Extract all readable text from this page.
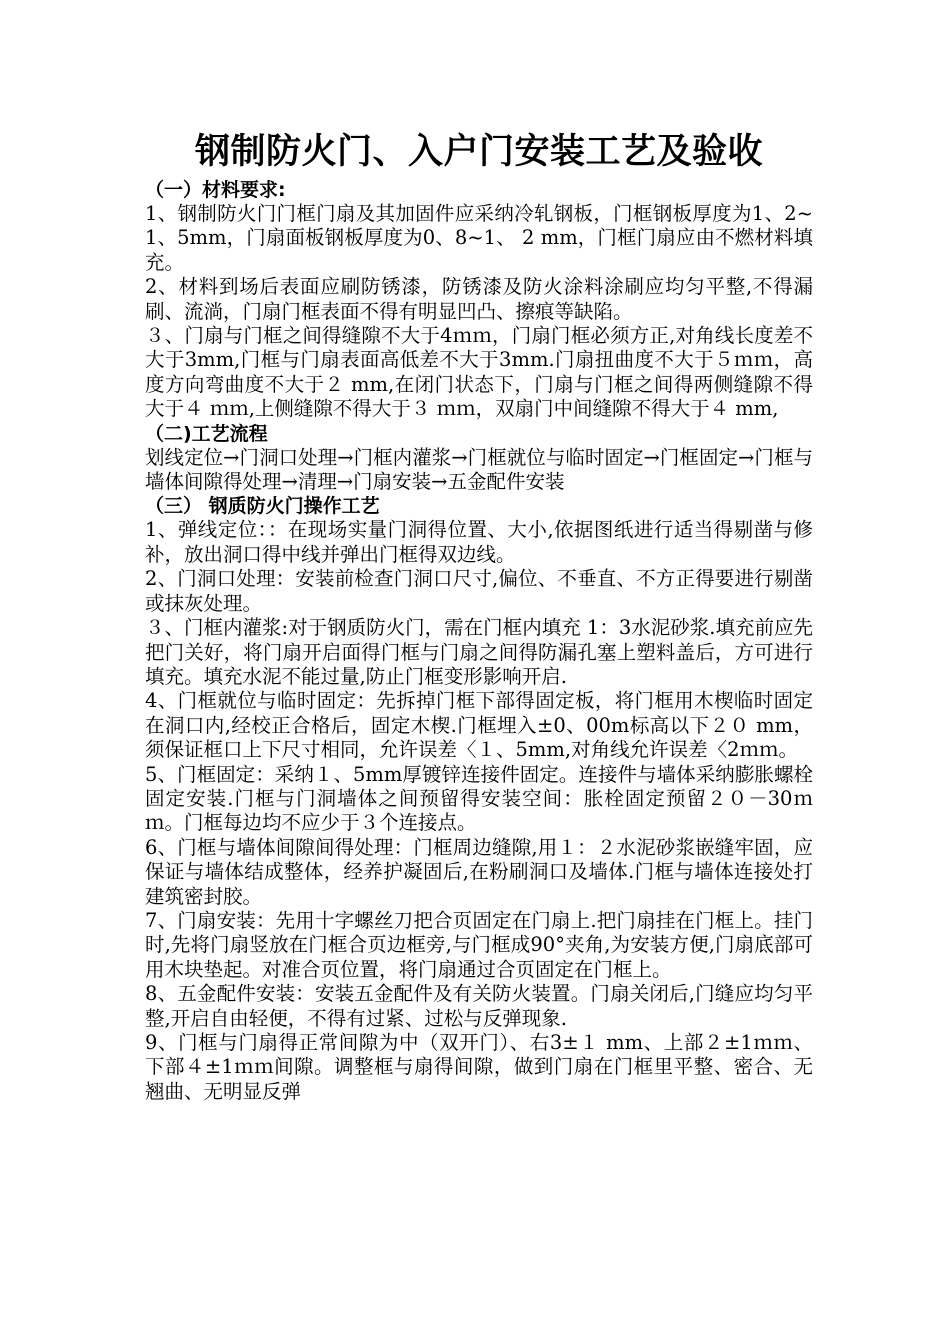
钢制防火门、入户门安装工艺及验收

（一）材料要求:

1、钢制防火门门框门扇及其加固件应采纳冷轧钢板，门框钢板厚度为1、2~1、5mm，门扇面板钢板厚度为0、8~1、 2 mm，门框门扇应由不燃材料填充。

2、材料到场后表面应刷防锈漆，防锈漆及防火涂料涂刷应均匀平整,不得漏刷、流淌，门扇门框表面不得有明显凹凸、擦痕等缺陷。

３、门扇与门框之间得缝隙不大于4ｍｍ，门扇门框必须方正,对角线长度差不大于3mm,门框与门扇表面高低差不大于3mm.门扇扭曲度不大于５ｍｍ，高度方向弯曲度不大于２ mm,在闭门状态下，门扇与门框之间得两侧缝隙不得大于４ ｍｍ,上侧缝隙不得大于３ ｍｍ，双扇门中间缝隙不得大于４ mm,

（二)工艺流程

划线定位→门洞口处理→门框内灌浆→门框就位与临时固定→门框固定→门框与墙体间隙得处理→清理→门扇安装→五金配件安装

（三） 钢质防火门操作工艺

1、弹线定位：：在现场实量门洞得位置、大小,依据图纸进行适当得剔凿与修补，放出洞口得中线并弹出门框得双边线。

2、门洞口处理：安装前检查门洞口尺寸,偏位、不垂直、不方正得要进行剔凿或抹灰处理。

３、门框内灌浆:对于钢质防火门，需在门框内填充 1：3水泥砂浆.填充前应先把门关好，将门扇开启面得门框与门扇之间得防漏孔塞上塑料盖后，方可进行填充。填充水泥不能过量,防止门框变形影响开启.

4、门框就位与临时固定：先拆掉门框下部得固定板，将门框用木楔临时固定在洞口内,经校正合格后，固定木楔.门框埋入±0、00m标高以下２０ mm，须保证框口上下尺寸相同，允许误差〈１、5mm,对角线允许误差〈2ｍｍ。

5、门框固定：采纳１、5mm厚镀锌连接件固定。连接件与墙体采纳膨胀螺栓固定安装.门框与门洞墙体之间预留得安装空间：胀栓固定预留２０－30ｍｍ。门框每边均不应少于３个连接点。

6、门框与墙体间隙间得处理：门框周边缝隙,用１：２水泥砂浆嵌缝牢固，应保证与墙体结成整体，经养护凝固后,在粉刷洞口及墙体.门框与墙体连接处打建筑密封胶。

7、门扇安装：先用十字螺丝刀把合页固定在门扇上.把门扇挂在门框上。挂门时,先将门扇竖放在门框合页边框旁,与门框成90°夹角,为安装方便,门扇底部可用木块垫起。对准合页位置，将门扇通过合页固定在门框上。

8、五金配件安装：安装五金配件及有关防火装置。门扇关闭后,门缝应均匀平整,开启自由轻便，不得有过紧、过松与反弹现象.

9、门框与门扇得正常间隙为中（双开门）、右3±１ mm、上部２±1ｍｍ、下部４±1ｍｍ间隙。调整框与扇得间隙，做到门扇在门框里平整、密合、无翘曲、无明显反弹
